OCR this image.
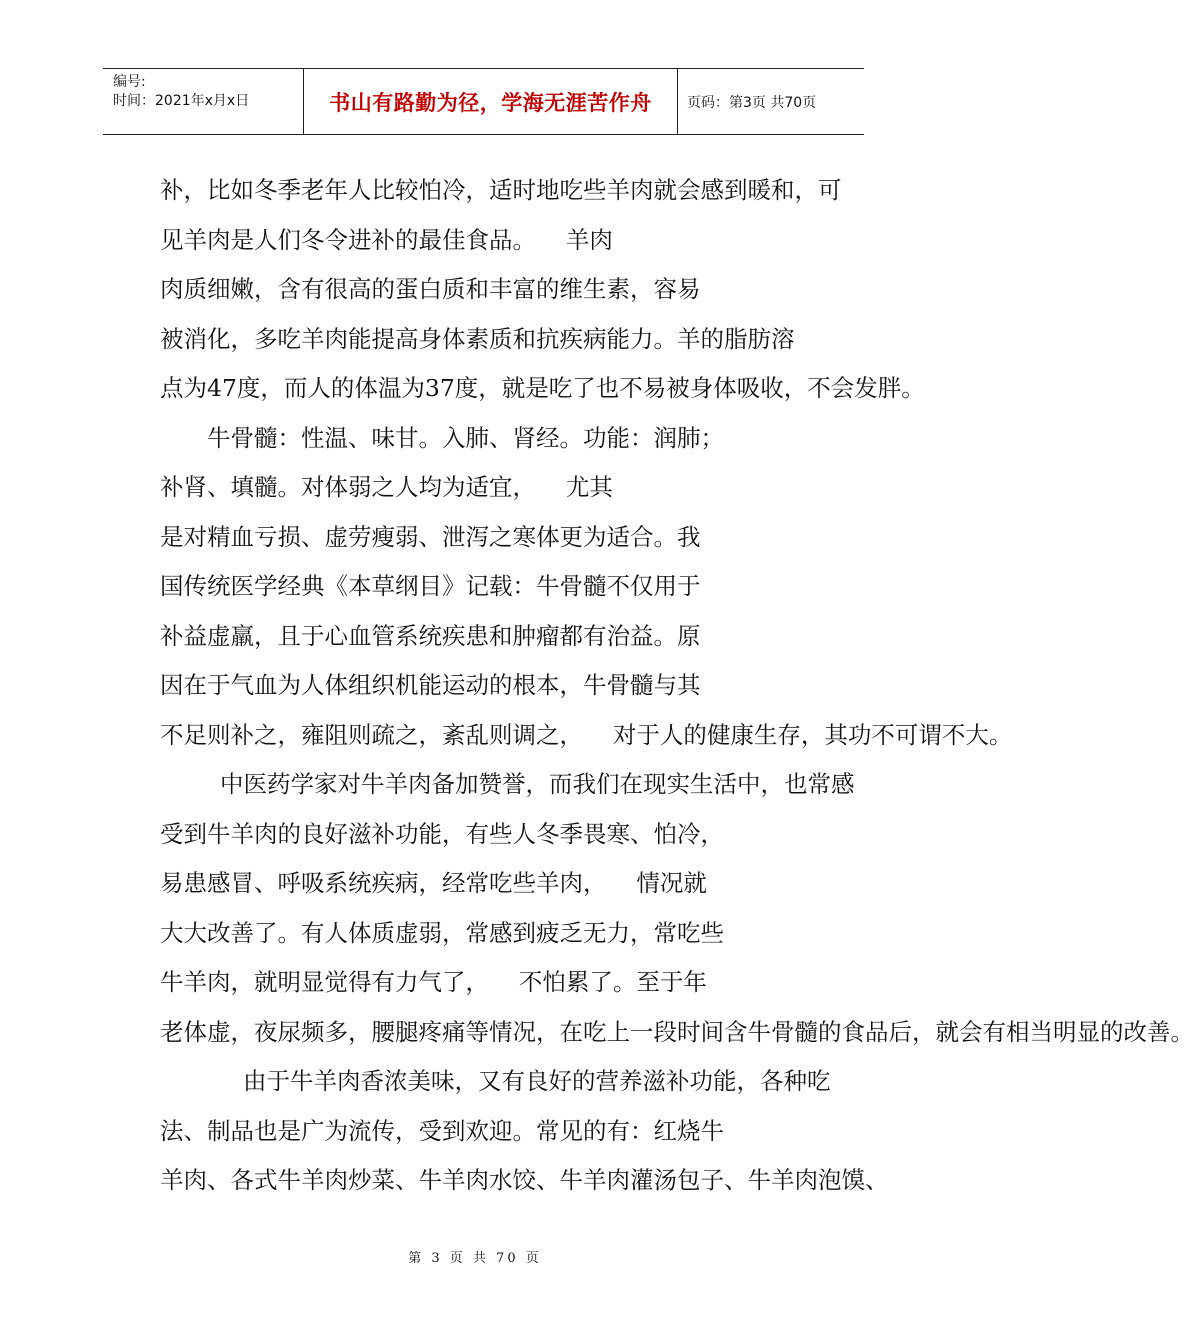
编号:
时间：2021年x月x日	书山有路勤为径，学海无涯苦作舟	页码：第3页 共70页

补，比如冬季老年人比较怕冷，适时地吃些羊肉就会感到暖和，可
见羊肉是人们冬令进补的最佳食品。    羊肉
肉质细嫩，含有很高的蛋白质和丰富的维生素，容易
被消化，多吃羊肉能提高身体素质和抗疾病能力。羊的脂肪溶
点为47度，而人的体温为37度，就是吃了也不易被身体吸收，不会发胖。

牛骨髓：性温、味甘。入肺、肾经。功能：润肺；
补肾、填髓。对体弱之人均为适宜，    尤其
是对精血亏损、虚劳瘦弱、泄泻之寒体更为适合。我
国传统医学经典《本草纲目》记载：牛骨髓不仅用于
补益虚羸，且于心血管系统疾患和肿瘤都有治益。原
因在于气血为人体组织机能运动的根本，牛骨髓与其
不足则补之，雍阻则疏之，紊乱则调之，    对于人的健康生存，其功不可谓不大。

中医药学家对牛羊肉备加赞誉，而我们在现实生活中，也常感
受到牛羊肉的良好滋补功能，有些人冬季畏寒、怕冷，
易患感冒、呼吸系统疾病，经常吃些羊肉，    情况就
大大改善了。有人体质虚弱，常感到疲乏无力，常吃些
牛羊肉，就明显觉得有力气了，    不怕累了。至于年
老体虚，夜尿频多，腰腿疼痛等情况，在吃上一段时间含牛骨髓的食品后，就会有相当明显的改善。

由于牛羊肉香浓美味，又有良好的营养滋补功能，各种吃
法、制品也是广为流传，受到欢迎。常见的有：红烧牛
羊肉、各式牛羊肉炒菜、牛羊肉水饺、牛羊肉灌汤包子、牛羊肉泡馍、

第 3 页 共 70 页
